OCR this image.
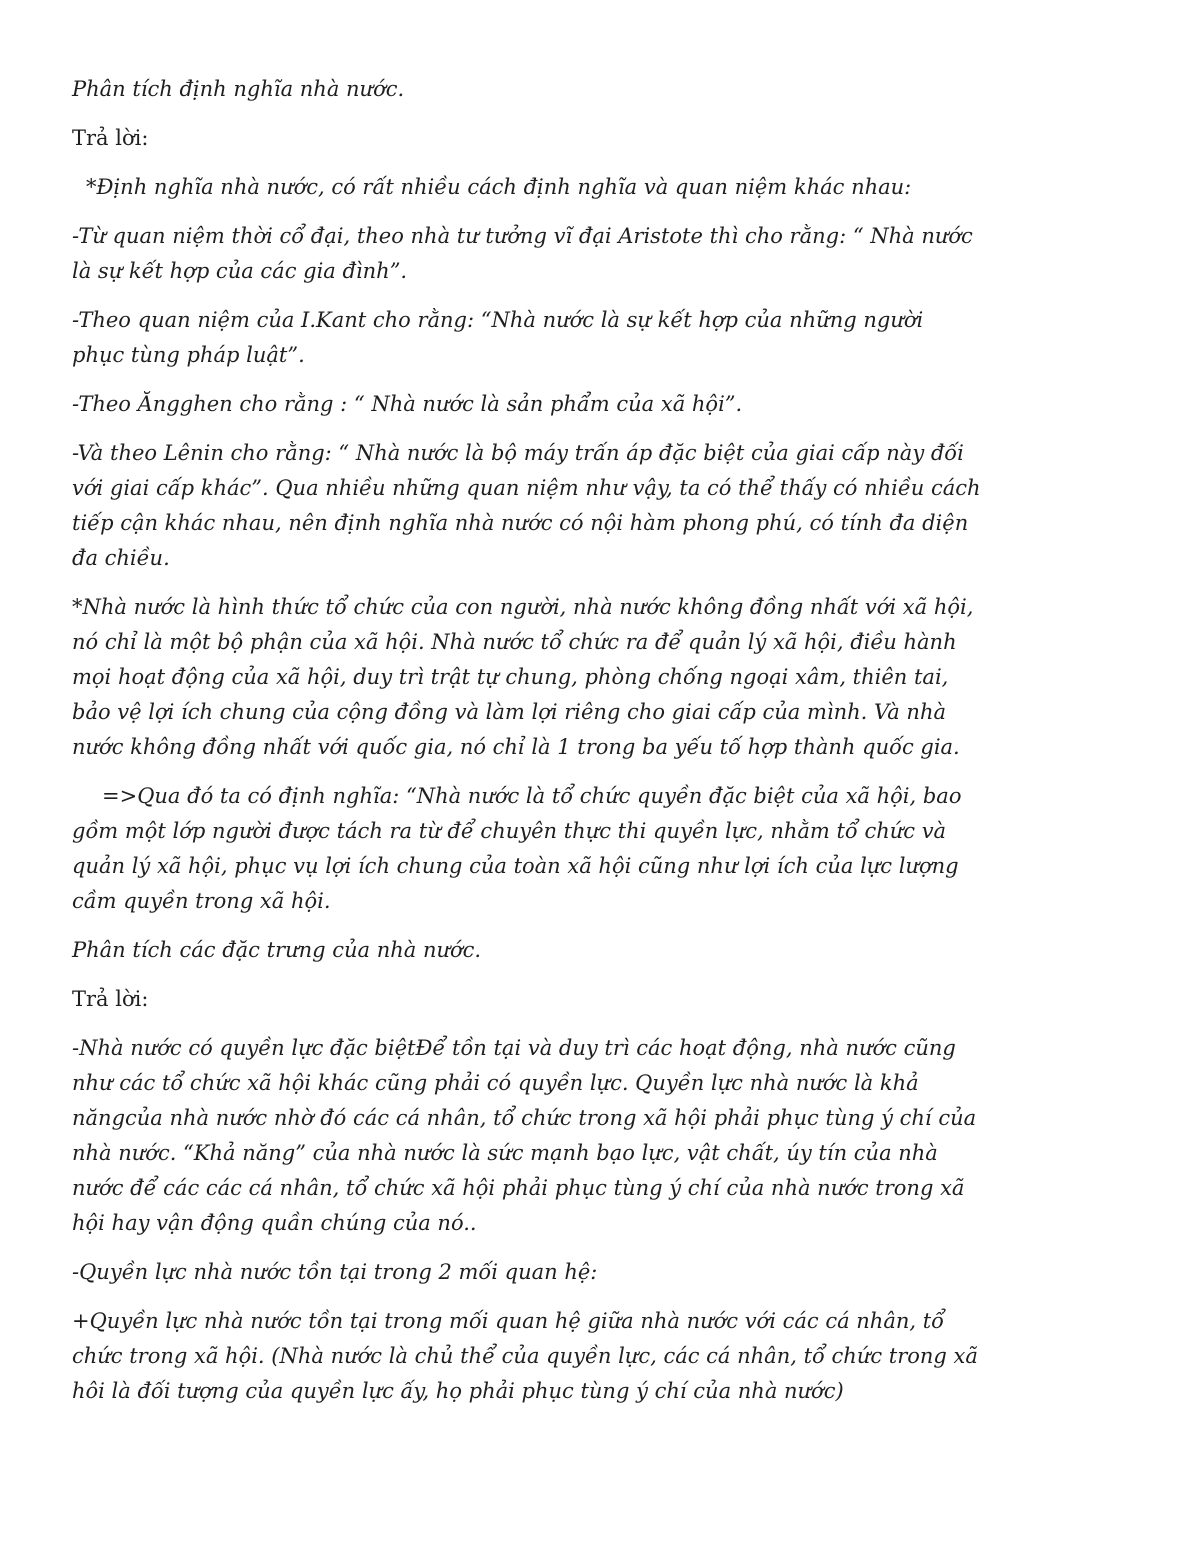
Phân tích định nghĩa nhà nước.

Trả lời:

*Định nghĩa nhà nước, có rất nhiều cách định nghĩa và quan niệm khác nhau:

-Từ quan niệm thời cổ đại, theo nhà tư tưởng vĩ đại Aristote thì cho rằng: “ Nhà nước
là sự kết hợp của các gia đình”.

-Theo quan niệm của I.Kant cho rằng: “Nhà nước là sự kết hợp của những người
phục tùng pháp luật”.

-Theo Ăngghen cho rằng : “ Nhà nước là sản phẩm của xã hội”.

-Và theo Lênin cho rằng: “ Nhà nước là bộ máy trấn áp đặc biệt của giai cấp này đối
với giai cấp khác”. Qua nhiều những quan niệm như vậy, ta có thể thấy có nhiều cách
tiếp cận khác nhau, nên định nghĩa nhà nước có nội hàm phong phú, có tính đa diện
đa chiều.

*Nhà nước là hình thức tổ chức của con người, nhà nước không đồng nhất với xã hội,
nó chỉ là một bộ phận của xã hội. Nhà nước tổ chức ra để quản lý xã hội, điều hành
mọi hoạt động của xã hội, duy trì trật tự chung, phòng chống ngoại xâm, thiên tai,
bảo vệ lợi ích chung của cộng đồng và làm lợi riêng cho giai cấp của mình. Và nhà
nước không đồng nhất với quốc gia, nó chỉ là 1 trong ba yếu tố hợp thành quốc gia.

=>Qua đó ta có định nghĩa: “Nhà nước là tổ chức quyền đặc biệt của xã hội, bao
gồm một lớp người được tách ra từ để chuyên thực thi quyền lực, nhằm tổ chức và
quản lý xã hội, phục vụ lợi ích chung của toàn xã hội cũng như lợi ích của lực lượng
cầm quyền trong xã hội.

Phân tích các đặc trưng của nhà nước.

Trả lời:

-Nhà nước có quyền lực đặc biệtĐể tồn tại và duy trì các hoạt động, nhà nước cũng
như các tổ chức xã hội khác cũng phải có quyền lực. Quyền lực nhà nước là khả
năngcủa nhà nước nhờ đó các cá nhân, tổ chức trong xã hội phải phục tùng ý chí của
nhà nước. “Khả năng” của nhà nước là sức mạnh bạo lực, vật chất, úy tín của nhà
nước để các các cá nhân, tổ chức xã hội phải phục tùng ý chí của nhà nước trong xã
hội hay vận động quần chúng của nó..

-Quyền lực nhà nước tồn tại trong 2 mối quan hệ:

+Quyền lực nhà nước tồn tại trong mối quan hệ giữa nhà nước với các cá nhân, tổ
chức trong xã hội. (Nhà nước là chủ thể của quyền lực, các cá nhân, tổ chức trong xã
hôi là đối tượng của quyền lực ấy, họ phải phục tùng ý chí của nhà nước)
